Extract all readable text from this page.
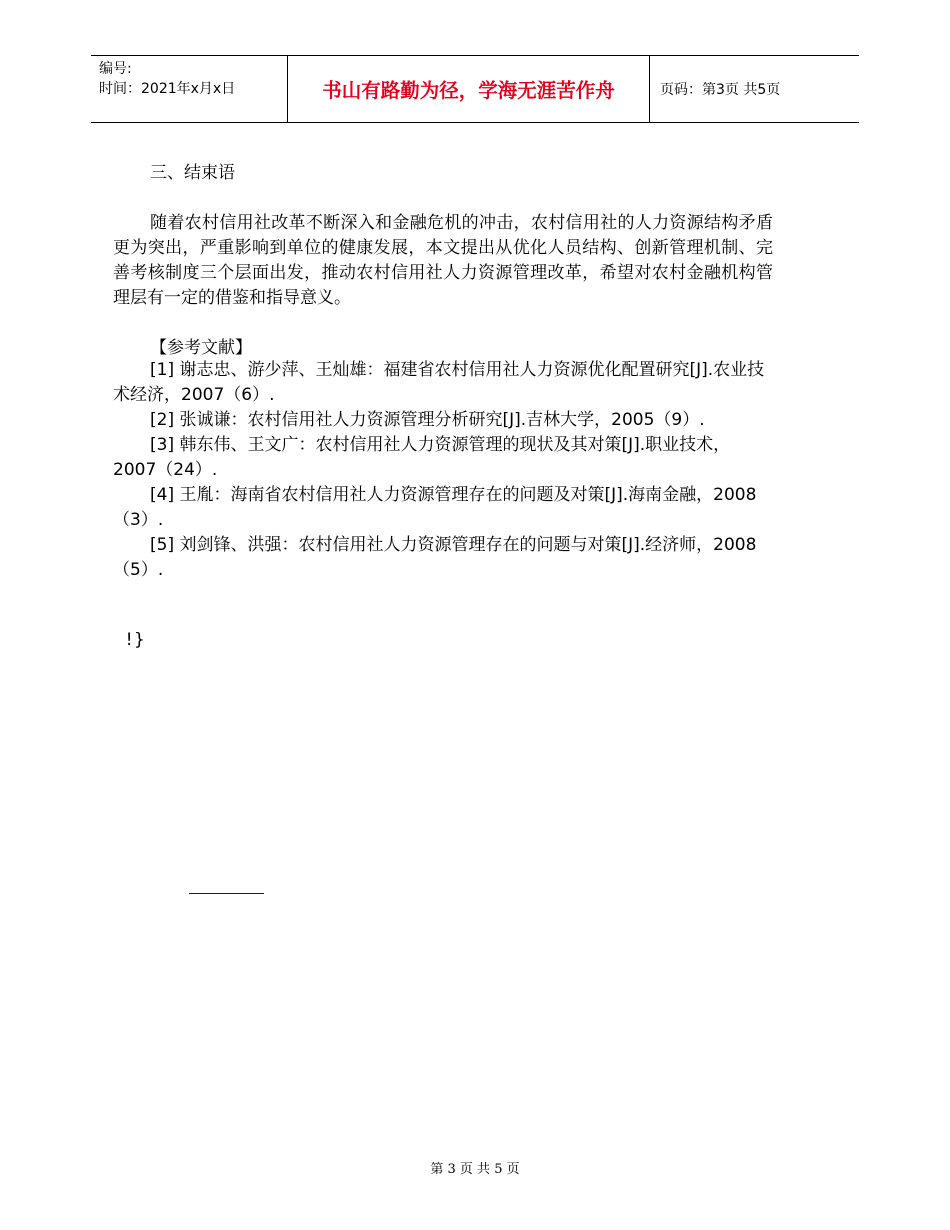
编号:
时间：2021年x月x日	书山有路勤为径，学海无涯苦作舟	页码：第3页 共5页

三、结束语

随着农村信用社改革不断深入和金融危机的冲击，农村信用社的人力资源结构矛盾更为突出，严重影响到单位的健康发展，本文提出从优化人员结构、创新管理机制、完善考核制度三个层面出发，推动农村信用社人力资源管理改革，希望对农村金融机构管理层有一定的借鉴和指导意义。

【参考文献】

[1] 谢志忠、游少萍、王灿雄：福建省农村信用社人力资源优化配置研究[J].农业技术经济，2007（6）.

[2] 张诚谦：农村信用社人力资源管理分析研究[J].吉林大学，2005（9）.

[3] 韩东伟、王文广：农村信用社人力资源管理的现状及其对策[J].职业技术，2007（24）.

[4] 王胤：海南省农村信用社人力资源管理存在的问题及对策[J].海南金融，2008（3）.

[5] 刘剑锋、洪强：农村信用社人力资源管理存在的问题与对策[J].经济师，2008（5）.

!}
第 3 页 共 5 页
